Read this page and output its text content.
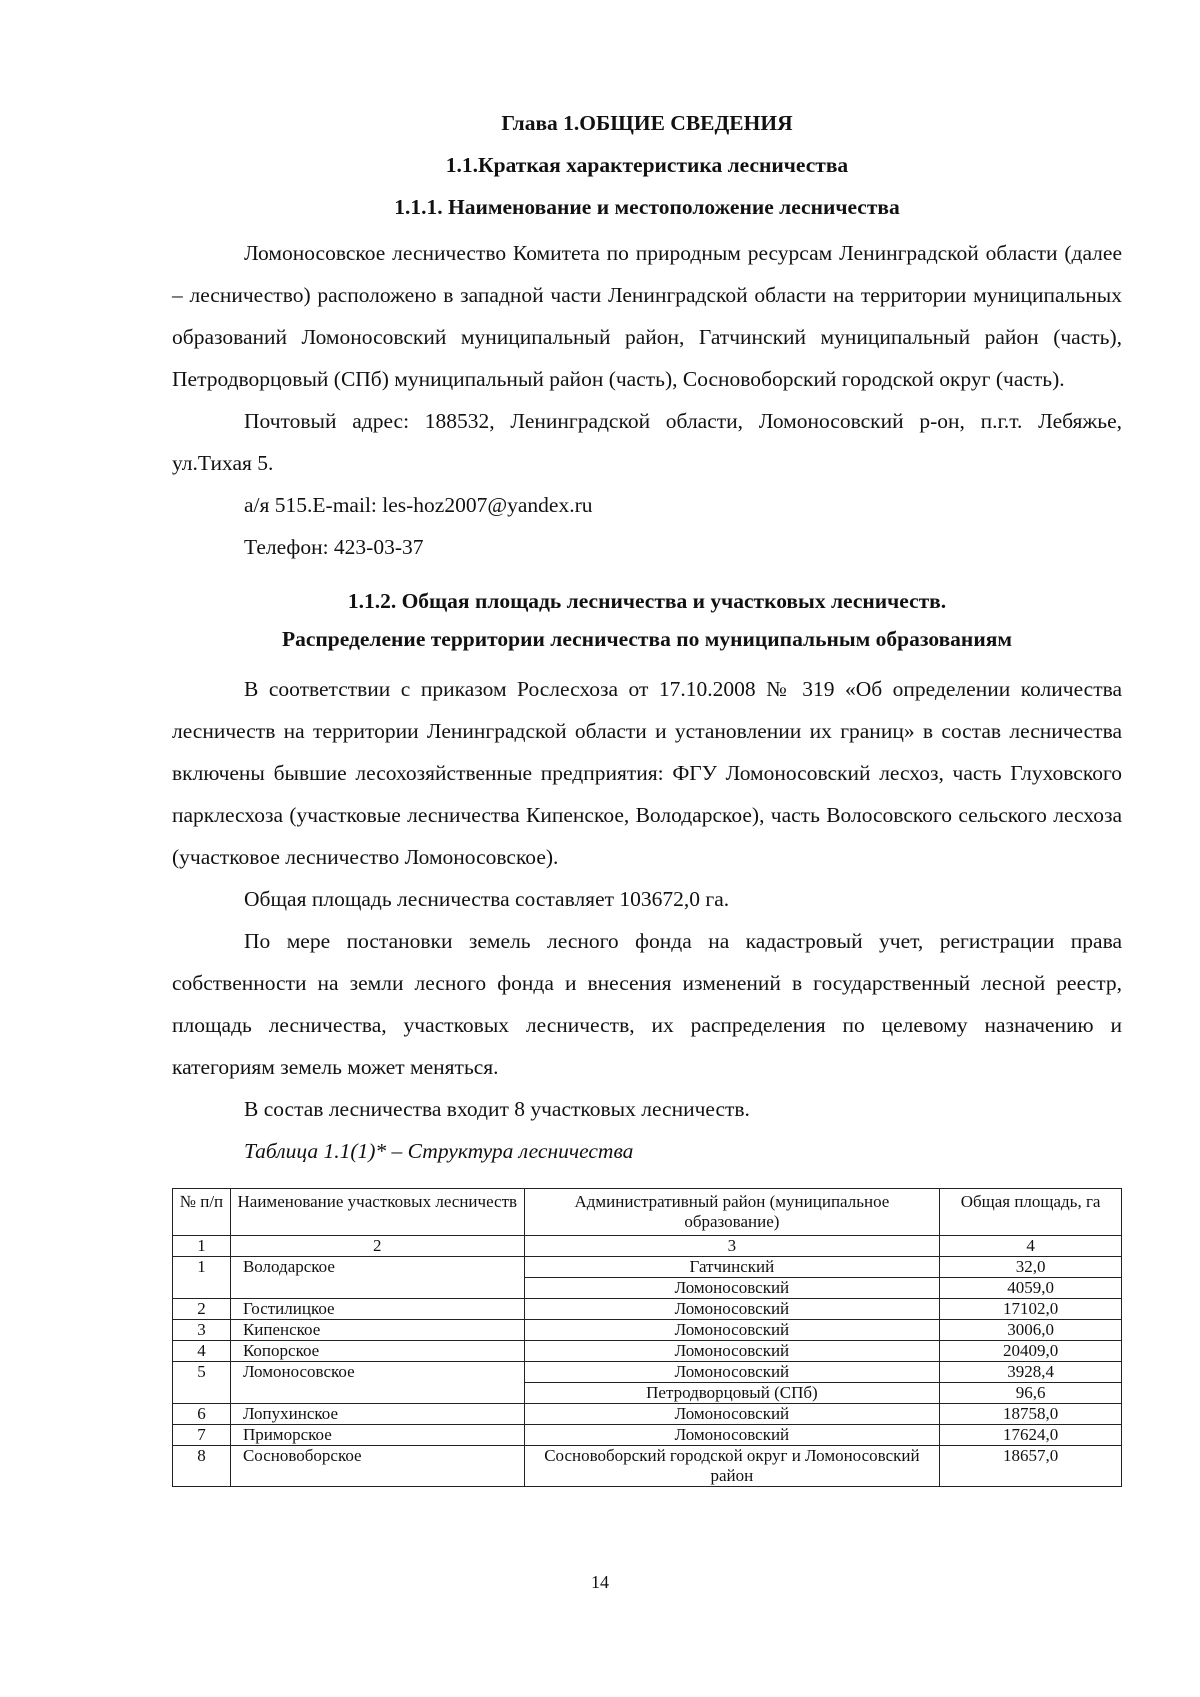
Глава 1.ОБЩИЕ СВЕДЕНИЯ
1.1.Краткая характеристика лесничества
1.1.1. Наименование и местоположение лесничества

Ломоносовское лесничество Комитета по природным ресурсам Ленинградской области (далее – лесничество) расположено в западной части Ленинградской области на территории муниципальных образований Ломоносовский муниципальный район, Гатчинский муниципальный район (часть), Петродворцовый (СПб) муниципальный район (часть), Сосновоборский городской округ (часть).

Почтовый адрес: 188532, Ленинградской области, Ломоносовский р-он, п.г.т. Лебяжье, ул.Тихая 5.

а/я 515.E-mail: les-hoz2007@yandex.ru

Телефон: 423-03-37

1.1.2. Общая площадь лесничества и участковых лесничеств.
Распределение территории лесничества по муниципальным образованиям

В соответствии с приказом Рослесхоза от 17.10.2008 № 319 «Об определении количества лесничеств на территории Ленинградской области и установлении их границ» в состав лесничества включены бывшие лесохозяйственные предприятия: ФГУ Ломоносовский лесхоз, часть Глуховского парклесхоза (участковые лесничества Кипенское, Володарское), часть Волосовского сельского лесхоза (участковое лесничество Ломоносовское).

Общая площадь лесничества составляет 103672,0 га.

По мере постановки земель лесного фонда на кадастровый учет, регистрации права собственности на земли лесного фонда и внесения изменений в государственный лесной реестр, площадь лесничества, участковых лесничеств, их распределения по целевому назначению и категориям земель может меняться.

В состав лесничества входит 8 участковых лесничеств.

Таблица 1.1(1)* – Структура лесничества

№ п/п	Наименование участковых лесничеств	Административный район (муниципальное образование)	Общая площадь, га
1	2	3	4
1	Володарское	Гатчинский	32,0
		Ломоносовский	4059,0
2	Гостилицкое	Ломоносовский	17102,0
3	Кипенское	Ломоносовский	3006,0
4	Копорское	Ломоносовский	20409,0
5	Ломоносовское	Ломоносовский	3928,4
		Петродворцовый (СПб)	96,6
6	Лопухинское	Ломоносовский	18758,0
7	Приморское	Ломоносовский	17624,0
8	Сосновоборское	Сосновоборский городской округ и Ломоносовский район	18657,0
14
